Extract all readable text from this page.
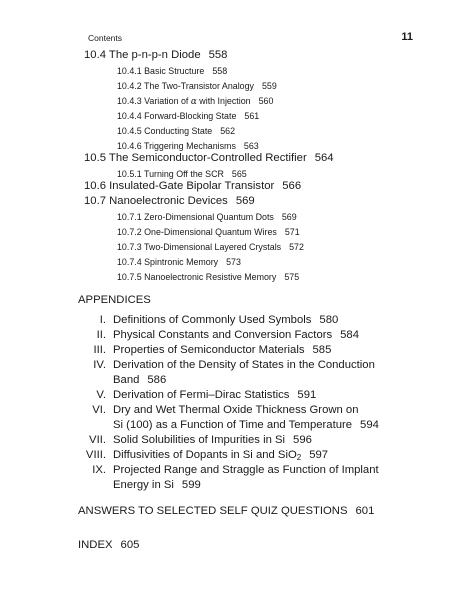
Contents	11
10.4 The p-n-p-n Diode 558
10.4.1 Basic Structure 558
10.4.2 The Two-Transistor Analogy 559
10.4.3 Variation of α with Injection 560
10.4.4 Forward-Blocking State 561
10.4.5 Conducting State 562
10.4.6 Triggering Mechanisms 563
10.5 The Semiconductor-Controlled Rectifier 564
10.5.1 Turning Off the SCR 565
10.6 Insulated-Gate Bipolar Transistor 566
10.7 Nanoelectronic Devices 569
10.7.1 Zero-Dimensional Quantum Dots 569
10.7.2 One-Dimensional Quantum Wires 571
10.7.3 Two-Dimensional Layered Crystals 572
10.7.4 Spintronic Memory 573
10.7.5 Nanoelectronic Resistive Memory 575
APPENDICES
I. Definitions of Commonly Used Symbols 580
II. Physical Constants and Conversion Factors 584
III. Properties of Semiconductor Materials 585
IV. Derivation of the Density of States in the Conduction
Band 586
V. Derivation of Fermi–Dirac Statistics 591
VI. Dry and Wet Thermal Oxide Thickness Grown on
Si (100) as a Function of Time and Temperature 594
VII. Solid Solubilities of Impurities in Si 596
VIII. Diffusivities of Dopants in Si and SiO$_2$ 597
IX. Projected Range and Straggle as Function of Implant
Energy in Si 599
ANSWERS TO SELECTED SELF QUIZ QUESTIONS 601
INDEX 605
